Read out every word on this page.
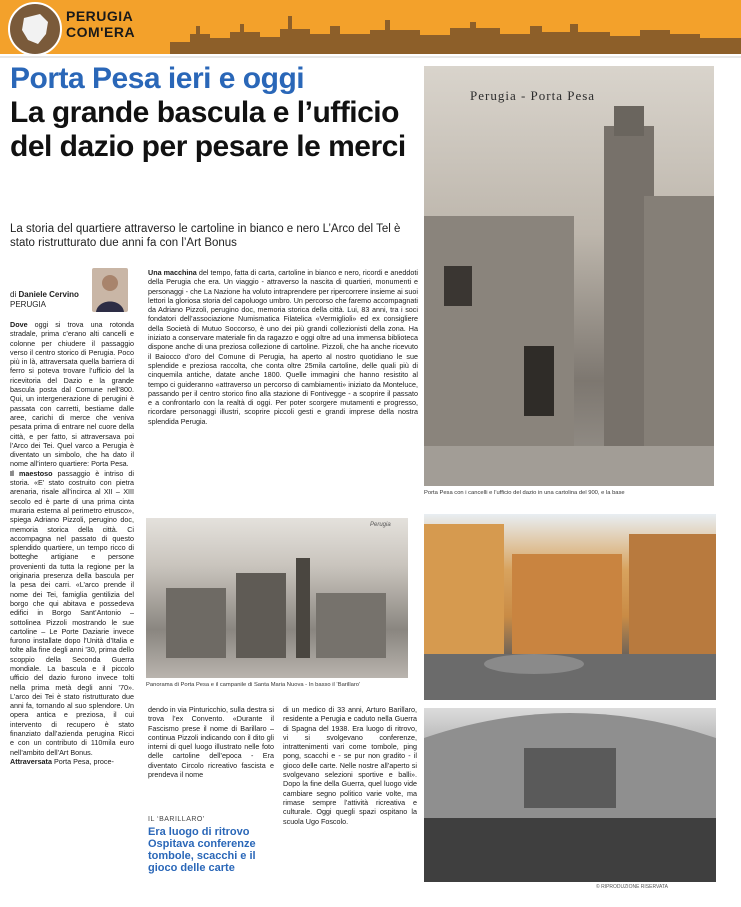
PERUGIA
COM'ERA
Porta Pesa ieri e oggi
La grande bascula e l’ufficio del dazio per pesare le merci
La storia del quartiere attraverso le cartoline in bianco e nero L’Arco del Tel è stato ristrutturato due anni fa con l’Art Bonus
di Daniele Cervino
PERUGIA
Dove oggi si trova una rotonda stradale, prima c’erano alti cancelli e colonne per chiudere il passaggio verso il centro storico di Perugia. Poco più in là, attraversata quella barriera di ferro si poteva trovare l’ufficio del la ricevitoria del Dazio e la grande bascula posta dal Comune nell’800. Qui, un intergenerazione di perugini è passata con carretti, bestiame dalle aree, carichi di merce che veniva pesata prima di entrare nel cuore della città, e per fatto, si attraversava poi l’Arco dei Tei. Quel varco a Perugia è diventato un simbolo, che ha dato il nome all’intero quartiere: Porta Pesa.
Il maestoso passaggio è intriso di storia. «E’ stato costruito con pietra arenaria, risale all’incirca al XII – XIII secolo ed è parte di una prima cinta muraria esterna al perimetro etrusco», spiega Adriano Pizzoli, perugino doc, memoria storica della città. Ci accompagna nel passato di questo splendido quartiere, un tempo ricco di botteghe artigiane e persone provenienti da tutta la regione per la originaria presenza della bascula per la pesa dei carri. «L’arco prende il nome dei Tei, famiglia gentilizia del borgo che qui abitava e possedeva edifici in Borgo Sant’Antonio – sottolinea Pizzoli mostrando le sue cartoline – Le Porte Daziarie invece furono installate dopo l’Unità d’Italia e tolte alla fine degli anni ’30, prima dello scoppio della Seconda Guerra mondiale. La bascula e il piccolo ufficio del dazio furono invece tolti nella prima metà degli anni ’70». L’arco dei Tei è stato ristrutturato due anni fa, tornando al suo splendore. Un opera antica e preziosa, il cui intervento di recupero è stato finanziato dall’azienda perugina Ricci e con un contributo di 110mila euro nell’ambito dell’Art Bonus.
Attraversata Porta Pesa, proce-
Una macchina del tempo, fatta di carta, cartoline in bianco e nero, ricordi e aneddoti della Perugia che era. Un viaggio - attraverso la nascita di quartieri, monumenti e personaggi - che La Nazione ha voluto intraprendere per ripercorrere insieme ai suoi lettori la gloriosa storia del capoluogo umbro. Un percorso che faremo accompagnati da Adriano Pizzoli, perugino doc, memoria storica della città. Lui, 83 anni, tra i soci fondatori dell’associazione Numismatica Filatelica «Vermiglioli» ed ex consigliere della Società di Mutuo Soccorso, è uno dei più grandi collezionisti della zona. Ha iniziato a conservare materiale fin da ragazzo e oggi oltre ad una immensa biblioteca dispone anche di una preziosa collezione di cartoline. Pizzoli, che ha anche ricevuto il Baiocco d’oro del Comune di Perugia, ha aperto al nostro quotidiano le sue splendide e preziosa raccolta, che conta oltre 25mila cartoline, delle quali più di cinquemila antiche, datate anche 1800. Quelle immagini che hanno resistito al tempo ci guideranno «attraverso un percorso di cambiamenti» iniziato da Monteluce, passando per il centro storico fino alla stazione di Fontivegge - a scoprire il passato e a confrontarlo con la realtà di oggi. Per poter scorgere mutamenti e progresso, ricordare personaggi illustri, scoprire piccoli gesti e grandi imprese della nostra splendida Perugia.
Perugia
Panorama di Porta Pesa e il campanile di Santa Maria Nuova - In basso il ‘Barillaro’
dendo in via Pinturicchio, sulla destra si trova l’ex Convento. «Durante il Fascismo prese il nome di Barillaro – continua Pizzoli indicando con il dito gli interni di quel luogo illustrato nelle foto delle cartoline dell’epoca - Era diventato Circolo ricreativo fascista e prendeva il nome
IL ‘BARILLARO’
Era luogo di ritrovo Ospitava conferenze tombole, scacchi e il gioco delle carte
di un medico di 33 anni, Arturo Barillaro, residente a Perugia e caduto nella Guerra di Spagna del 1938. Era luogo di ritrovo, vi si svolgevano conferenze, intrattenimenti vari come tombole, ping pong, scacchi e - se pur non gradito - il gioco delle carte. Nelle nostre all’aperto si svolgevano selezioni sportive e balli». Dopo la fine della Guerra, quel luogo vide cambiare segno politico varie volte, ma rimase sempre l’attività ricreativa e culturale. Oggi quegli spazi ospitano la scuola Ugo Foscolo.
Perugia - Porta Pesa
Porta Pesa con i cancelli e l’ufficio del dazio in una cartolina del 900, e la base
© RIPRODUZIONE RISERVATA
